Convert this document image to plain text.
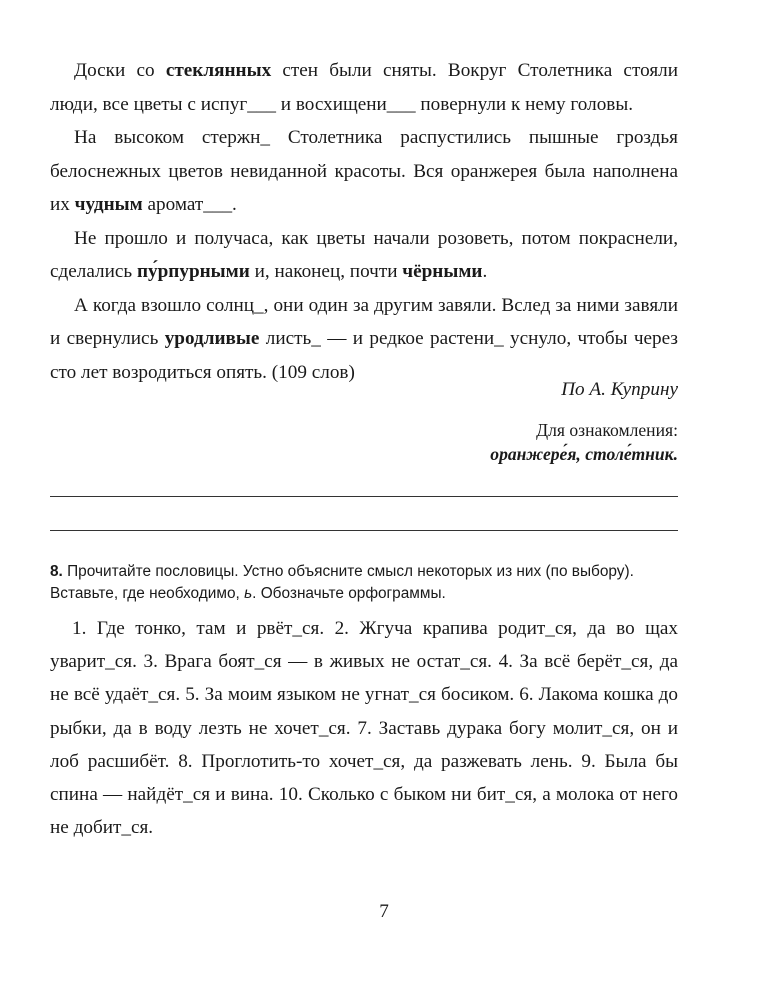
Доски со стеклянных стен были сняты. Вокруг Столетника стояли люди, все цветы с испуг___ и восхищени___ повернули к нему головы.

На высоком стержн_ Столетника распустились пышные гроздья белоснежных цветов невиданной красоты. Вся оранжерея была наполнена их чудным аромат___.

Не прошло и получаса, как цветы начали розоветь, потом покраснели, сделались пу́рпурными и, наконец, почти чёрными.

А когда взошло солнц_, они один за другим завяли. Вслед за ними завяли и свернулись уродливые листь_ — и редкое растени_ уснуло, чтобы через сто лет возродиться опять. (109 слов)

По А. Куприну
Для ознакомления:
оранжере́я, столе́тник.
8. Прочитайте пословицы. Устно объясните смысл некоторых из них (по выбору). Вставьте, где необходимо, ь. Обозначьте орфограммы.

1. Где тонко, там и рвёт_ся. 2. Жгуча крапива родит_ся, да во щах уварит_ся. 3. Врага боят_ся — в живых не остат_ся. 4. За всё берёт_ся, да не всё удаёт_ся. 5. За моим языком не угнат_ся босиком. 6. Лакома кошка до рыбки, да в воду лезть не хочет_ся. 7. Заставь дурака богу молит_ся, он и лоб расшибёт. 8. Проглотить-то хочет_ся, да разжевать лень. 9. Была бы спина — найдёт_ся и вина. 10. Сколько с быком ни бит_ся, а молока от него не добит_ся.

7
